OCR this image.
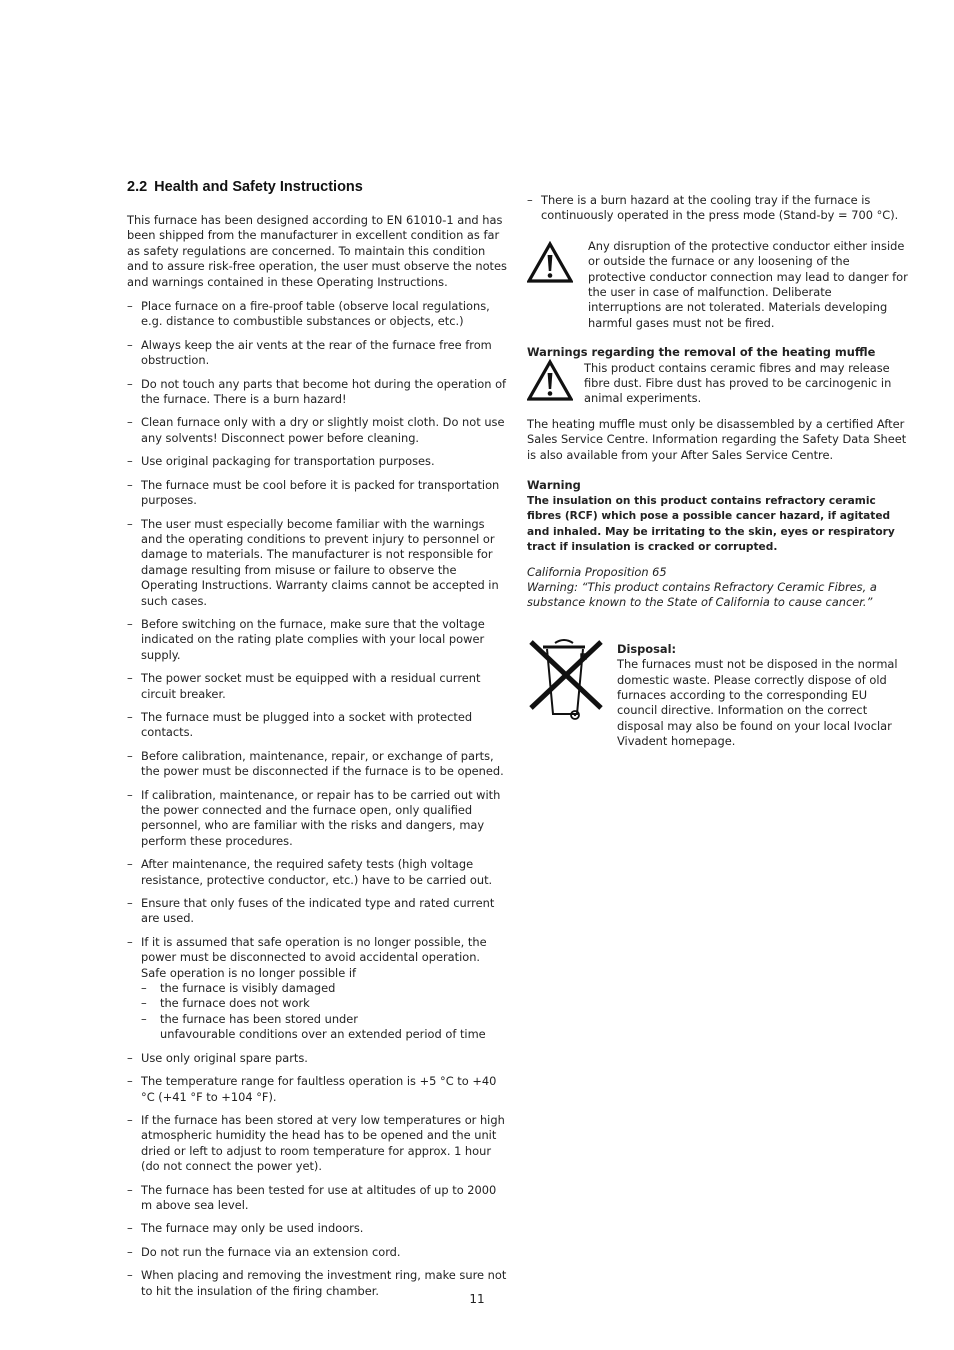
2.2 Health and Safety Instructions

This furnace has been designed according to EN 61010-1 and has been shipped from the manufacturer in excellent condition as far as safety regulations are concerned. To maintain this condition and to assure risk-free operation, the user must observe the notes and warnings contained in these Operating Instructions.

– Place furnace on a fire-proof table (observe local regulations, e.g. distance to combustible substances or objects, etc.)
– Always keep the air vents at the rear of the furnace free from obstruction.
– Do not touch any parts that become hot during the operation of the furnace. There is a burn hazard!
– Clean furnace only with a dry or slightly moist cloth. Do not use any solvents! Disconnect power before cleaning.
– Use original packaging for transportation purposes.
– The furnace must be cool before it is packed for transportation purposes.
– The user must especially become familiar with the warnings and the operating conditions to prevent injury to personnel or damage to materials. The manufacturer is not responsible for damage resulting from misuse or failure to observe the Operating Instructions. Warranty claims cannot be accepted in such cases.
– Before switching on the furnace, make sure that the voltage indicated on the rating plate complies with your local power supply.
– The power socket must be equipped with a residual current circuit breaker.
– The furnace must be plugged into a socket with protected contacts.
– Before calibration, maintenance, repair, or exchange of parts, the power must be disconnected if the furnace is to be opened.
– If calibration, maintenance, or repair has to be carried out with the power connected and the furnace open, only qualified personnel, who are familiar with the risks and dangers, may perform these procedures.
– After maintenance, the required safety tests (high voltage resistance, protective conductor, etc.) have to be carried out.
– Ensure that only fuses of the indicated type and rated current are used.
– If it is assumed that safe operation is no longer possible, the power must be disconnected to avoid accidental operation.
Safe operation is no longer possible if
– the furnace is visibly damaged
– the furnace does not work
– the furnace has been stored under
unfavourable conditions over an extended period of time
– Use only original spare parts.
– The temperature range for faultless operation is +5 °C to +40 °C (+41 °F to +104 °F).
– If the furnace has been stored at very low temperatures or high atmospheric humidity the head has to be opened and the unit dried or left to adjust to room temperature for approx. 1 hour (do not connect the power yet).
– The furnace has been tested for use at altitudes of up to 2000 m above sea level.
– The furnace may only be used indoors.
– Do not run the furnace via an extension cord.
– When placing and removing the investment ring, make sure not to hit the insulation of the firing chamber.
– There is a burn hazard at the cooling tray if the furnace is continuously operated in the press mode (Stand-by = 700 °C).

Any disruption of the protective conductor either inside or outside the furnace or any loosening of the protective conductor connection may lead to danger for the user in case of malfunction. Deliberate interruptions are not tolerated. Materials developing harmful gases must not be fired.

Warnings regarding the removal of the heating muffle

This product contains ceramic fibres and may release fibre dust. Fibre dust has proved to be carcinogenic in animal experiments.

The heating muffle must only be disassembled by a certified After Sales Service Centre. Information regarding the Safety Data Sheet is also available from your After Sales Service Centre.

Warning

The insulation on this product contains refractory ceramic fibres (RCF) which pose a possible cancer hazard, if agitated and inhaled. May be irritating to the skin, eyes or respiratory tract if insulation is cracked or corrupted.

California Proposition 65

Warning: “This product contains Refractory Ceramic Fibres, a substance known to the State of California to cause cancer.”

Disposal:

The furnaces must not be disposed in the normal domestic waste. Please correctly dispose of old furnaces according to the corresponding EU council directive. Information on the correct disposal may also be found on your local Ivoclar Vivadent homepage.

11
